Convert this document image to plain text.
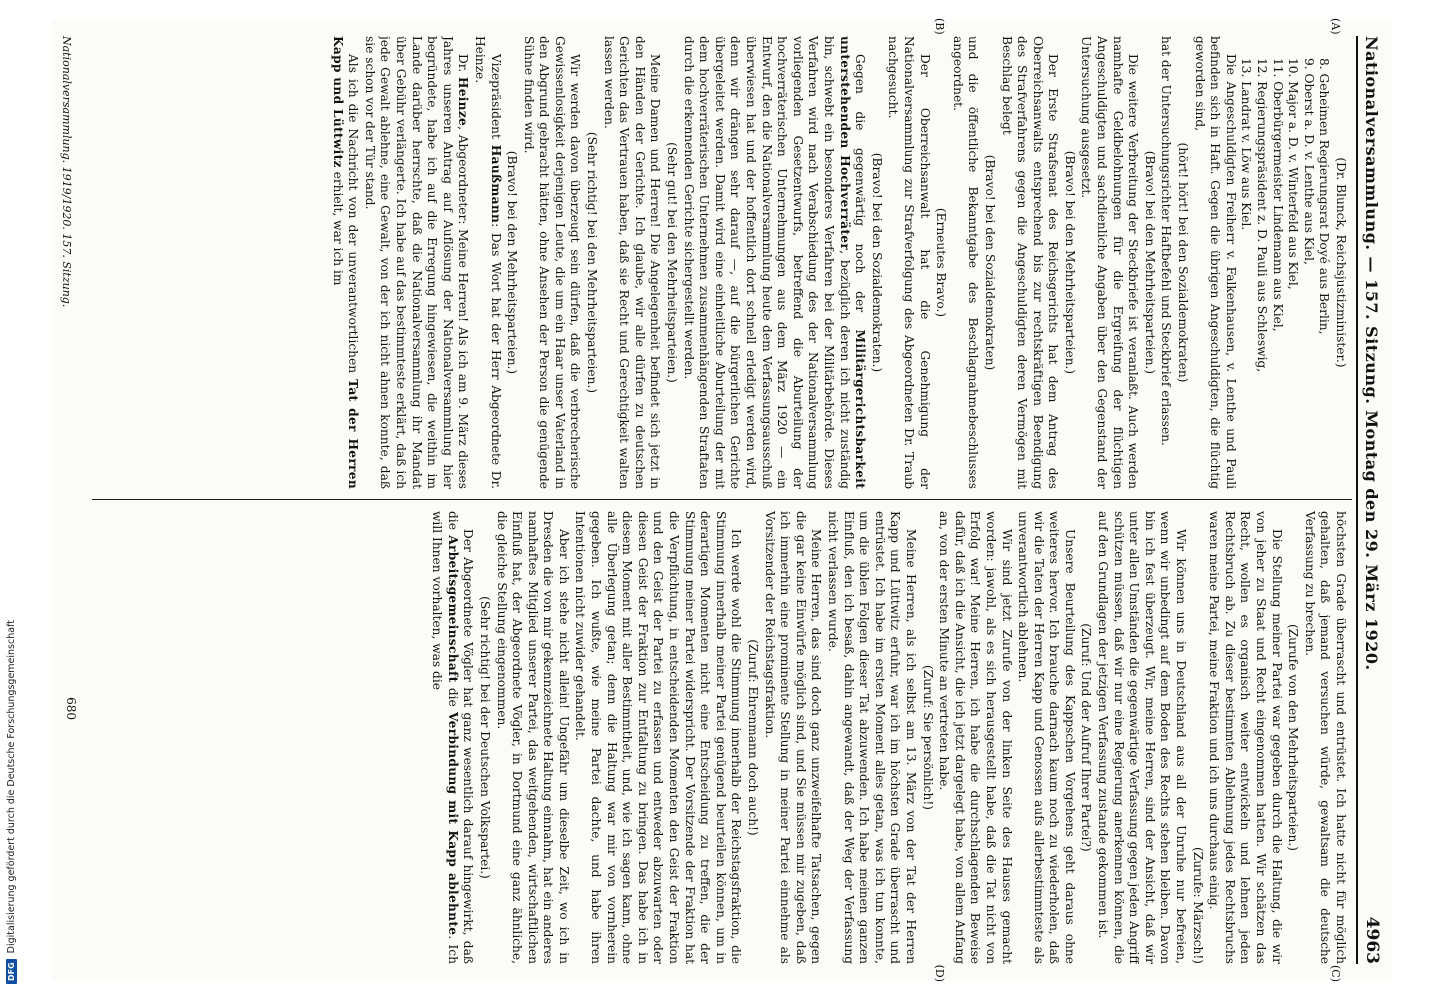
Nationalversammlung. — 157. Sitzung. Montag den 29. März 1920.
4963
(A)
(B)
(C)
(D)

(Dr. Blunck, Reichsjustizminister.)

8. Geheimen Regierungsrat Doyé aus Berlin,

9. Oberst a. D. v. Lenthe aus Kiel,

10. Major a. D. v. Winterfeld aus Kiel,

11. Oberbürgermeister Lindemann aus Kiel,

12. Regierungspräsident z. D. Pauli aus Schleswig,

13. Landrat v. Löw aus Kiel.

Die Angeschuldigten Freiherr v. Falkenhausen, v. Lenthe und Pauli befinden sich in Haft. Gegen die übrigen Angeschuldigten, die flüchtig geworden sind,

(hört! hört! bei den Sozialdemokraten)

hat der Untersuchungsrichter Haftbefehl und Steckbrief erlassen.

(Bravo! bei den Mehrheitsparteien.)

Die weitere Verbreitung der Steckbriefe ist veranlaßt. Auch werden namhafte Geldbelohnungen für die Ergreifung der flüchtigen Angeschuldigten und sachdienliche Angaben über den Gegenstand der Untersuchung ausgesetzt.

(Bravo! bei den Mehrheitsparteien.)

Der Erste Strafsenat des Reichsgerichts hat dem Antrag des Oberreichsanwalts entsprechend bis zur rechtskräftigen Beendigung des Strafverfahrens gegen die Angeschuldigten deren Vermögen mit Beschlag belegt

(Bravo! bei den Sozialdemokraten)

und die öffentliche Bekanntgabe des Beschlagnahmebeschlusses angeordnet.

(Erneutes Bravo.)

Der Oberreichsanwalt hat die Genehmigung der Nationalversammlung zur Strafverfolgung des Abgeordneten Dr. Traub nachgesucht.

(Bravo! bei den Sozialdemokraten.)

Gegen die gegenwärtig noch der Militärgerichtsbarkeit unterstehenden Hochverräter, bezüglich deren ich nicht zuständig bin, schwebt ein besonderes Verfahren bei der Militärbehörde. Dieses Verfahren wird nach Verabschiedung des der Nationalversammlung vorliegenden Gesetzentwurfs, betreffend die Aburteilung der hochverräterischen Unternehmungen aus dem März 1920 — ein Entwurf, den die Nationalversammlung heute dem Verfassungsausschuß überwiesen hat und der hoffentlich dort schnell erledigt werden wird, denn wir drängen sehr darauf —, auf die bürgerlichen Gerichte übergeleitet werden. Damit wird eine einheitliche Aburteilung der mit dem hochverräterischen Unternehmen zusammenhängenden Straftaten durch die erkennenden Gerichte sichergestellt werden.

(Sehr gut! bei den Mehrheitsparteien.)

Meine Damen und Herren! Die Angelegenheit befindet sich jetzt in den Händen der Gerichte. Ich glaube, wir alle dürfen zu deutschen Gerichten das Vertrauen haben, daß sie Recht und Gerechtigkeit walten lassen werden.

(Sehr richtig! bei den Mehrheitsparteien.)

Wir werden davon überzeugt sein dürfen, daß die verbrecherische Gewissenlosigkeit derjenigen Leute, die um ein Haar unser Vaterland in den Abgrund gebracht hätten, ohne Ansehen der Person die genügende Sühne finden wird.

(Bravo! bei den Mehrheitsparteien.)

Vizepräsident Haußmann: Das Wort hat der Herr Abgeordnete Dr. Heinze.

Dr. Heinze, Abgeordneter: Meine Herren! Als ich am 9. März dieses Jahres unseren Antrag auf Auflösung der Nationalversammlung hier begründete, habe ich auf die Erregung hingewiesen, die weithin im Lande darüber herrschte, daß die Nationalversammlung ihr Mandat über Gebühr verlängerte. Ich habe auf das bestimmteste erklärt, daß ich jede Gewalt ablehne, eine Gewalt, von der ich nicht ahnen konnte, daß sie schon vor der Tür stand.

Als ich die Nachricht von der unverantwortlichen Tat der Herren Kapp und Lüttwitz erhielt, war ich im

höchsten Grade überrascht und entrüstet. Ich hatte nicht für möglich gehalten, daß jemand versuchen würde, gewaltsam die deutsche Verfassung zu brechen.

(Zurufe von den Mehrheitsparteien.)

Die Stellung meiner Partei war gegeben durch die Haltung, die wir von jeher zu Staat und Recht eingenommen hatten. Wir schätzen das Recht, wollen es organisch weiter entwickeln und lehnen jeden Rechtsbruch ab. Zu dieser bestimmten Ablehnung jedes Rechtsbruchs waren meine Partei, meine Fraktion und ich uns durchaus einig.

(Zurufe: Märzsch!)

Wir können uns in Deutschland aus all der Unruhe nur befreien, wenn wir unbedingt auf dem Boden des Rechts stehen bleiben. Davon bin ich fest überzeugt. Wir, meine Herren, sind der Ansicht, daß wir unter allen Umständen die gegenwärtige Verfassung gegen jeden Angriff schützen müssen, daß wir nur eine Regierung anerkennen können, die auf den Grundlagen der jetzigen Verfassung zustande gekommen ist.

(Zuruf: Und der Aufruf Ihrer Partei?)

Unsere Beurteilung des Kappschen Vorgehens geht daraus ohne weiteres hervor. Ich brauche darnach kaum noch zu wiederholen, daß wir die Taten der Herren Kapp und Genossen aufs allerbestimmteste als unverantwortlich ablehnen.

Wir sind jetzt Zurufe von der linken Seite des Hauses gemacht worden: jawohl, als es sich herausgestellt habe, daß die Tat nicht von Erfolg war! Meine Herren, ich habe die durchschlagenden Beweise dafür, daß ich die Ansicht, die ich jetzt dargelegt habe, von allem Anfang an, von der ersten Minute an vertreten habe.

(Zuruf: Sie persönlich!)

Meine Herren, als ich selbst am 13. März von der Tat der Herren Kapp und Lüttwitz erfuhr, war ich im höchsten Grade überrascht und entrüstet. Ich habe im ersten Moment alles getan, was ich tun konnte, um die üblen Folgen dieser Tat abzuwenden. Ich habe meinen ganzen Einfluß, den ich besaß, dahin angewandt, daß der Weg der Verfassung nicht verlassen wurde.

Meine Herren, das sind doch ganz unzweifelhafte Tatsachen, gegen die gar keine Einwürfe möglich sind, und Sie müssen mir zugeben, daß ich immerhin eine prominente Stellung in meiner Partei einnehme als Vorsitzender der Reichstagsfraktion.

(Zuruf: Ehrenmann doch auch!)

Ich werde wohl die Stimmung innerhalb der Reichstagsfraktion, die Stimmung innerhalb meiner Partei genügend beurteilen können, um in derartigen Momenten nicht eine Entscheidung zu treffen, die der Stimmung meiner Partei widerspricht. Der Vorsitzende der Fraktion hat die Verpflichtung, in entscheidenden Momenten den Geist der Fraktion und den Geist der Partei zu erfassen und entweder abzuwarten oder diesen Geist der Fraktion zur Entfaltung zu bringen. Das habe ich in diesem Moment mit aller Bestimmtheit, und, wie ich sagen kann, ohne alle Überlegung getan; denn die Haltung war mir von vornherein gegeben. Ich wußte, wie meine Partei dachte, und habe ihren Intentionen nicht zuwider gehandelt.

Aber ich stehe nicht allein! Ungefähr um dieselbe Zeit, wo ich in Dresden die von mir gekennzeichnete Haltung einnahm, hat ein anderes namhaftes Mitglied unserer Partei, das weitgehenden, wirtschaftlichen Einfluß hat, der Abgeordnete Vögler, in Dortmund eine ganz ähnliche, die gleiche Stellung eingenommen.

(Sehr richtig! bei der Deutschen Volkspartei.)

Der Abgeordnete Vögler hat ganz wesentlich darauf hingewirkt, daß die Arbeitsgemeinschaft die Verbindung mit Kapp ablehnte. Ich will Ihnen vorhalten, was die

Nationalversammlung. 1919/1920. 157. Sitzung.
680
DFG
Digitalisierung gefördert durch die Deutsche Forschungsgemeinschaft
